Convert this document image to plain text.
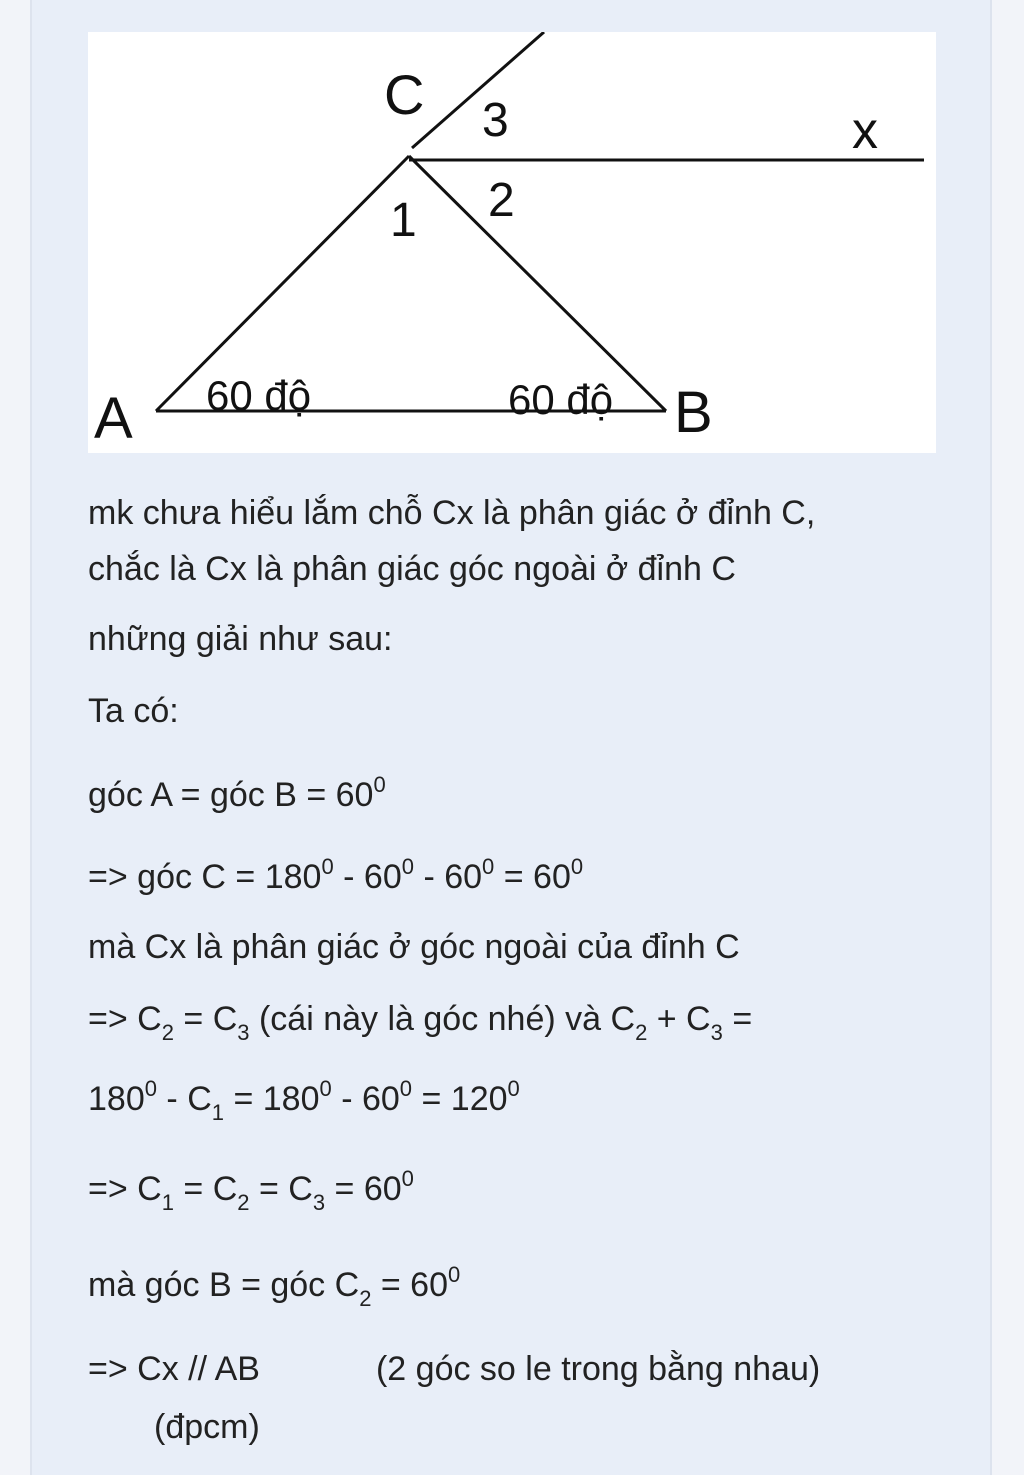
C 3	x
2
1
A 60 độ	60 độ B
mk chưa hiểu lắm chỗ Cx là phân giác ở đỉnh C,
chắc là Cx là phân giác góc ngoài ở đỉnh C
những giải như sau:
Ta có:
góc A = góc $B = 60^0$
=> góc $C = 180^0 - 60^0 - 60^0 = 60^0$
mà Cx là phân giác ở góc ngoài của đỉnh C
=> $C_2 = C_3$ (cái này là góc nhé) và $C_2 + C_3$ =
$180^0 - C_1 = 180^0 - 60^0 = 120^0$
=> $C_1 = C_2 = C_3 = 60^0$
mà góc B = góc $C_2 = 60^0$
=> Cx // AB	(2 góc so le trong bằng nhau)
(đpcm)
